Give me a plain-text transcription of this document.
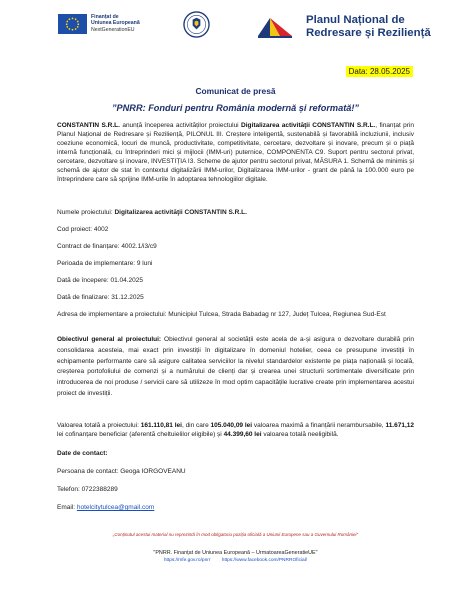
Finanțat de
Uniunea Europeană
NextGenerationEU
Planul Național de
Redresare și Reziliență
Data: 28.05.2025
Comunicat de presă
”PNRR: Fonduri pentru România modernă și reformată!”
CONSTANTIN S.R.L. anunță începerea activităților proiectului Digitalizarea activităţii CONSTANTIN S.R.L., finanțat prin Planul Național de Redresare și Reziliență, PILONUL III. Creștere inteligentă, sustenabilă și favorabilă incluziunii, inclusiv coeziune economică, locuri de muncă, productivitate, competitivitate, cercetare, dezvoltare și inovare, precum și o piață internă funcțională, cu întreprinderi mici și mijlocii (IMM-uri) puternice, COMPONENTA C9. Suport pentru sectorul privat, cercetare, dezvoltare și inovare, INVESTIȚIA I3. Scheme de ajutor pentru sectorul privat, MĂSURA 1. Schemă de minimis și schemă de ajutor de stat în contextul digitalizării IMM-urilor, Digitalizarea IMM-urilor - grant de până la 100.000 euro pe întreprindere care să sprijine IMM-urile în adoptarea tehnologiilor digitale.
Numele proiectului: Digitalizarea activităţii CONSTANTIN S.R.L.
Cod proiect: 4002
Contract de finanțare: 4002.1/i3/c9
Perioada de implementare: 9 luni
Dată de începere: 01.04.2025
Dată de finalizare: 31.12.2025
Adresa de implementare a proiectului: Municipiul Tulcea, Strada Babadag nr 127, Județ Tulcea, Regiunea Sud-Est
Obiectivul general al proiectului: Obiectivul general al societății este acela de a-și asigura o dezvoltare durabilă prin consolidarea acesteia, mai exact prin investiții în digitalizare în domeniul hotelier, ceea ce presupune investiții în echipamente performante care să asigure calitatea serviciilor la nivelul standardelor existente pe piața națională și locală, creșterea portofoliului de comenzi și a numărului de clienți dar și crearea unei structurii sortimentale diversificate prin introducerea de noi produse / servicii care să utilizeze în mod optim capacitățile lucrative create prin implementarea acestui proiect de investiții.
Valoarea totală a proiectului: 161.110,81 lei, din care 105.040,09 lei valoarea maximă a finanțării nerambursabile, 11.671,12 lei cofinanțare beneficiar (aferentă cheltuielilor eligibile) și 44.399,60 lei valoarea totală neeligibilă.
Date de contact:
Persoana de contact: Geoga IORGOVEANU
Telefon: 0722388289
Email: hotelcitytulcea@gmail.com
„Conținutul acestui material nu reprezintă în mod obligatoriu poziția oficială a Uniunii Europene sau a Guvernului României”
"PNRR. Finanțat de Uniunea Europeană – UrmatoareaGeneratieUE"
https://mfe.gov.ro/pnrr https://www.facebook.com/PNRROficial/
